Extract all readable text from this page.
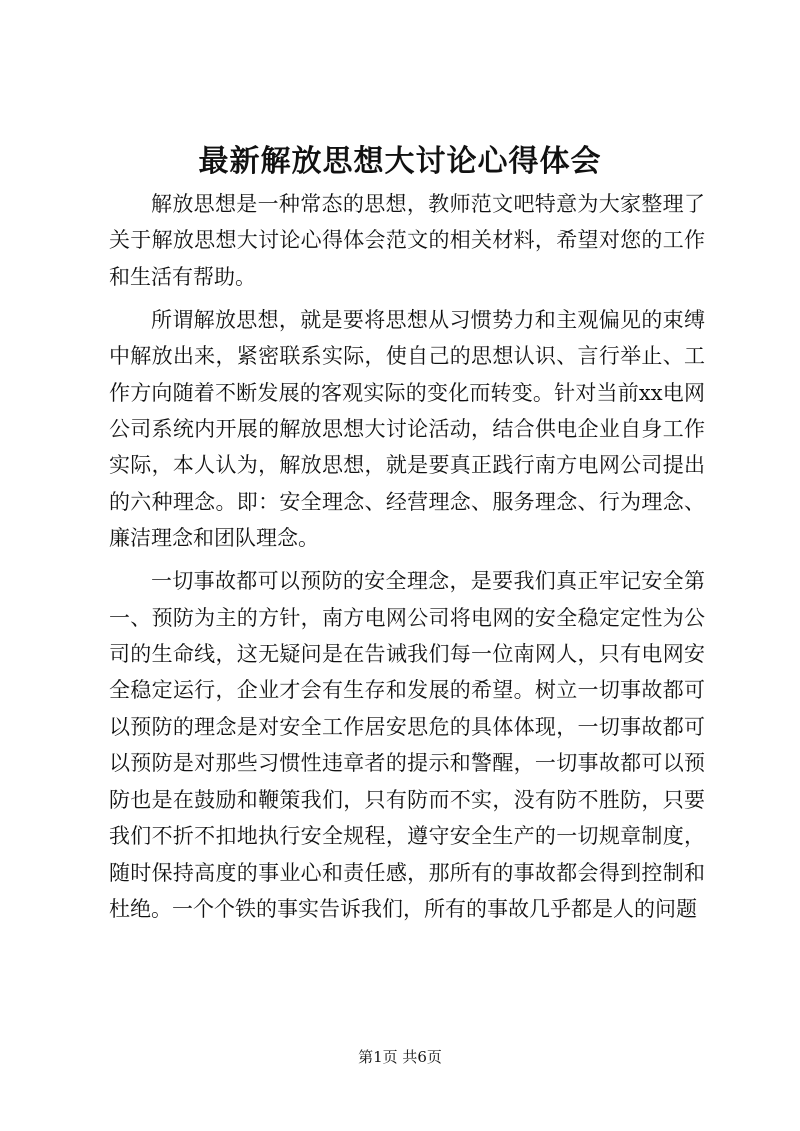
最新解放思想大讨论心得体会

解放思想是一种常态的思想，教师范文吧特意为大家整理了关于解放思想大讨论心得体会范文的相关材料，希望对您的工作和生活有帮助。

所谓解放思想，就是要将思想从习惯势力和主观偏见的束缚中解放出来，紧密联系实际，使自己的思想认识、言行举止、工作方向随着不断发展的客观实际的变化而转变。针对当前xx电网公司系统内开展的解放思想大讨论活动，结合供电企业自身工作实际，本人认为，解放思想，就是要真正践行南方电网公司提出的六种理念。即：安全理念、经营理念、服务理念、行为理念、廉洁理念和团队理念。

一切事故都可以预防的安全理念，是要我们真正牢记安全第一、预防为主的方针，南方电网公司将电网的安全稳定定性为公司的生命线，这无疑问是在告诫我们每一位南网人，只有电网安全稳定运行，企业才会有生存和发展的希望。树立一切事故都可以预防的理念是对安全工作居安思危的具体体现，一切事故都可以预防是对那些习惯性违章者的提示和警醒，一切事故都可以预防也是在鼓励和鞭策我们，只有防而不实，没有防不胜防，只要我们不折不扣地执行安全规程，遵守安全生产的一切规章制度，随时保持高度的事业心和责任感，那所有的事故都会得到控制和杜绝。一个个铁的事实告诉我们，所有的事故几乎都是人的问题

第1页 共6页
